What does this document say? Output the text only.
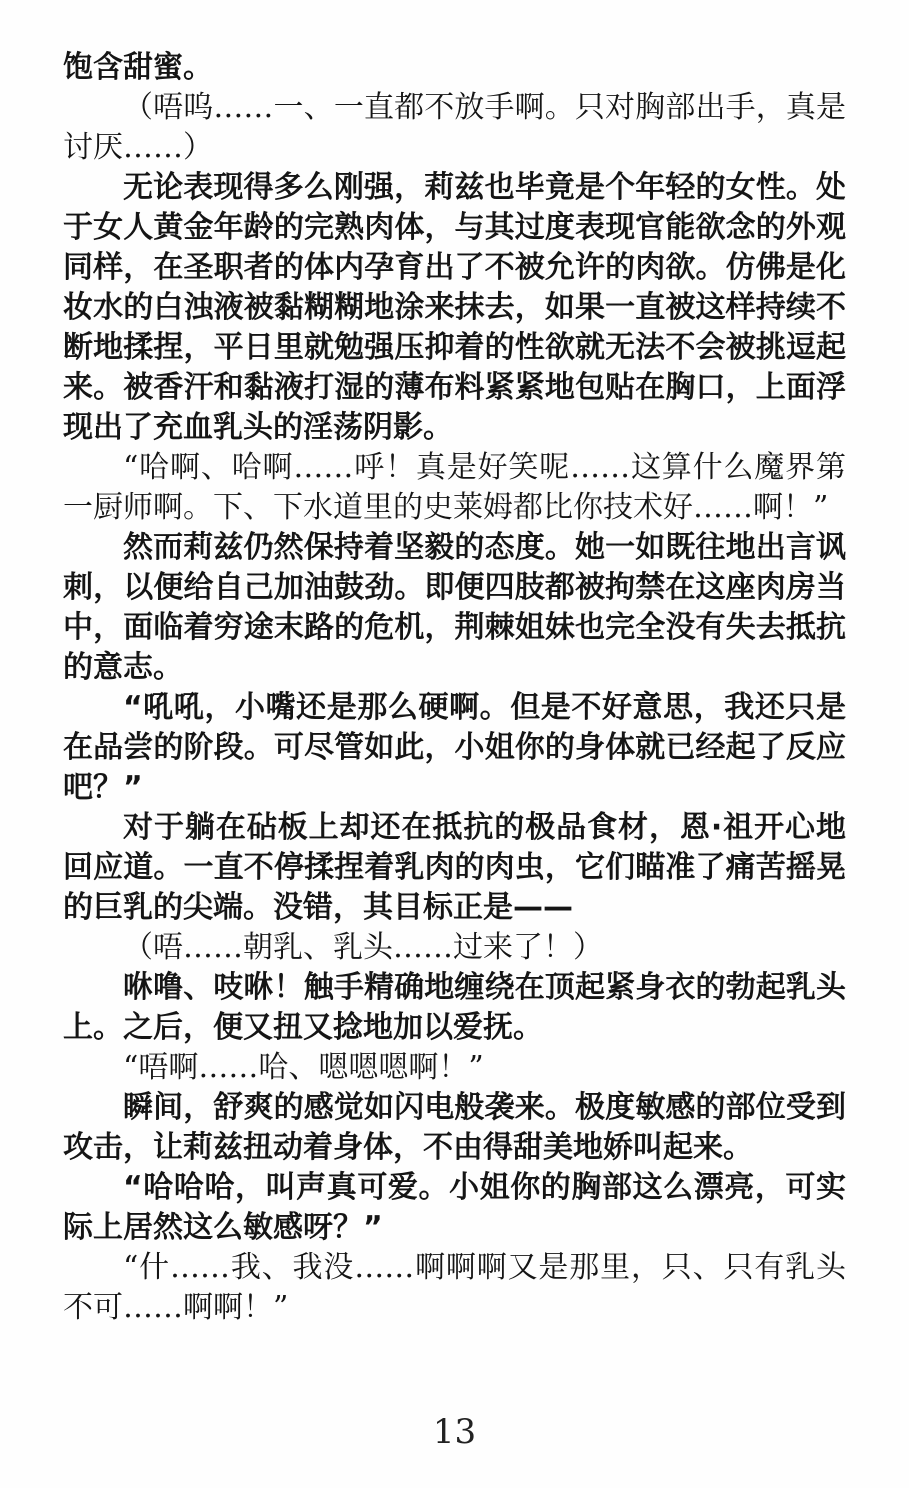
饱含甜蜜。

（唔呜……一、一直都不放手啊。只对胸部出手，真是讨厌……）

无论表现得多么刚强，莉兹也毕竟是个年轻的女性。处于女人黄金年龄的完熟肉体，与其过度表现官能欲念的外观同样，在圣职者的体内孕育出了不被允许的肉欲。仿佛是化妆水的白浊液被黏糊糊地涂来抹去，如果一直被这样持续不断地揉捏，平日里就勉强压抑着的性欲就无法不会被挑逗起来。被香汗和黏液打湿的薄布料紧紧地包贴在胸口，上面浮现出了充血乳头的淫荡阴影。

“哈啊、哈啊……呼！真是好笑呢……这算什么魔界第一厨师啊。下、下水道里的史莱姆都比你技术好……啊！”

然而莉兹仍然保持着坚毅的态度。她一如既往地出言讽刺，以便给自己加油鼓劲。即便四肢都被拘禁在这座肉房当中，面临着穷途末路的危机，荆棘姐妹也完全没有失去抵抗的意志。

“吼吼，小嘴还是那么硬啊。但是不好意思，我还只是在品尝的阶段。可尽管如此，小姐你的身体就已经起了反应吧？”

对于躺在砧板上却还在抵抗的极品食材，恩·祖开心地回应道。一直不停揉捏着乳肉的肉虫，它们瞄准了痛苦摇晃的巨乳的尖端。没错，其目标正是——

（唔……朝乳、乳头……过来了！）

咻噜、吱咻！触手精确地缠绕在顶起紧身衣的勃起乳头上。之后，便又扭又捻地加以爱抚。

“唔啊……哈、嗯嗯嗯啊！”

瞬间，舒爽的感觉如闪电般袭来。极度敏感的部位受到攻击，让莉兹扭动着身体，不由得甜美地娇叫起来。

“哈哈哈，叫声真可爱。小姐你的胸部这么漂亮，可实际上居然这么敏感呀？”

“什……我、我没……啊啊啊又是那里，只、只有乳头不可……啊啊！”

13
